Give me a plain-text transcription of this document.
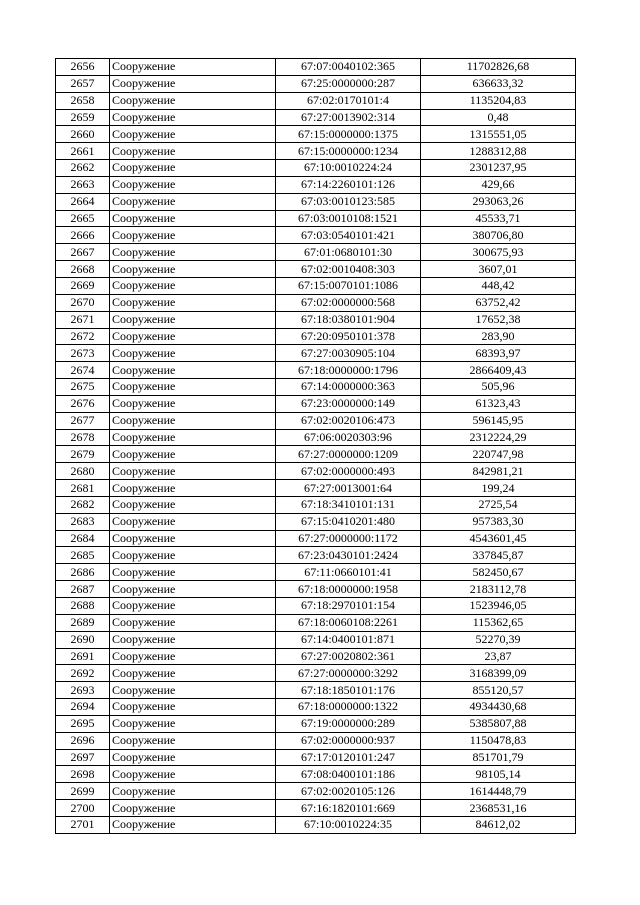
2656	Сооружение	67:07:0040102:365	11702826,68
2657	Сооружение	67:25:0000000:287	636633,32
2658	Сооружение	67:02:0170101:4	1135204,83
2659	Сооружение	67:27:0013902:314	0,48
2660	Сооружение	67:15:0000000:1375	1315551,05
2661	Сооружение	67:15:0000000:1234	1288312,88
2662	Сооружение	67:10:0010224:24	2301237,95
2663	Сооружение	67:14:2260101:126	429,66
2664	Сооружение	67:03:0010123:585	293063,26
2665	Сооружение	67:03:0010108:1521	45533,71
2666	Сооружение	67:03:0540101:421	380706,80
2667	Сооружение	67:01:0680101:30	300675,93
2668	Сооружение	67:02:0010408:303	3607,01
2669	Сооружение	67:15:0070101:1086	448,42
2670	Сооружение	67:02:0000000:568	63752,42
2671	Сооружение	67:18:0380101:904	17652,38
2672	Сооружение	67:20:0950101:378	283,90
2673	Сооружение	67:27:0030905:104	68393,97
2674	Сооружение	67:18:0000000:1796	2866409,43
2675	Сооружение	67:14:0000000:363	505,96
2676	Сооружение	67:23:0000000:149	61323,43
2677	Сооружение	67:02:0020106:473	596145,95
2678	Сооружение	67:06:0020303:96	2312224,29
2679	Сооружение	67:27:0000000:1209	220747,98
2680	Сооружение	67:02:0000000:493	842981,21
2681	Сооружение	67:27:0013001:64	199,24
2682	Сооружение	67:18:3410101:131	2725,54
2683	Сооружение	67:15:0410201:480	957383,30
2684	Сооружение	67:27:0000000:1172	4543601,45
2685	Сооружение	67:23:0430101:2424	337845,87
2686	Сооружение	67:11:0660101:41	582450,67
2687	Сооружение	67:18:0000000:1958	2183112,78
2688	Сооружение	67:18:2970101:154	1523946,05
2689	Сооружение	67:18:0060108:2261	115362,65
2690	Сооружение	67:14:0400101:871	52270,39
2691	Сооружение	67:27:0020802:361	23,87
2692	Сооружение	67:27:0000000:3292	3168399,09
2693	Сооружение	67:18:1850101:176	855120,57
2694	Сооружение	67:18:0000000:1322	4934430,68
2695	Сооружение	67:19:0000000:289	5385807,88
2696	Сооружение	67:02:0000000:937	1150478,83
2697	Сооружение	67:17:0120101:247	851701,79
2698	Сооружение	67:08:0400101:186	98105,14
2699	Сооружение	67:02:0020105:126	1614448,79
2700	Сооружение	67:16:1820101:669	2368531,16
2701	Сооружение	67:10:0010224:35	84612,02
